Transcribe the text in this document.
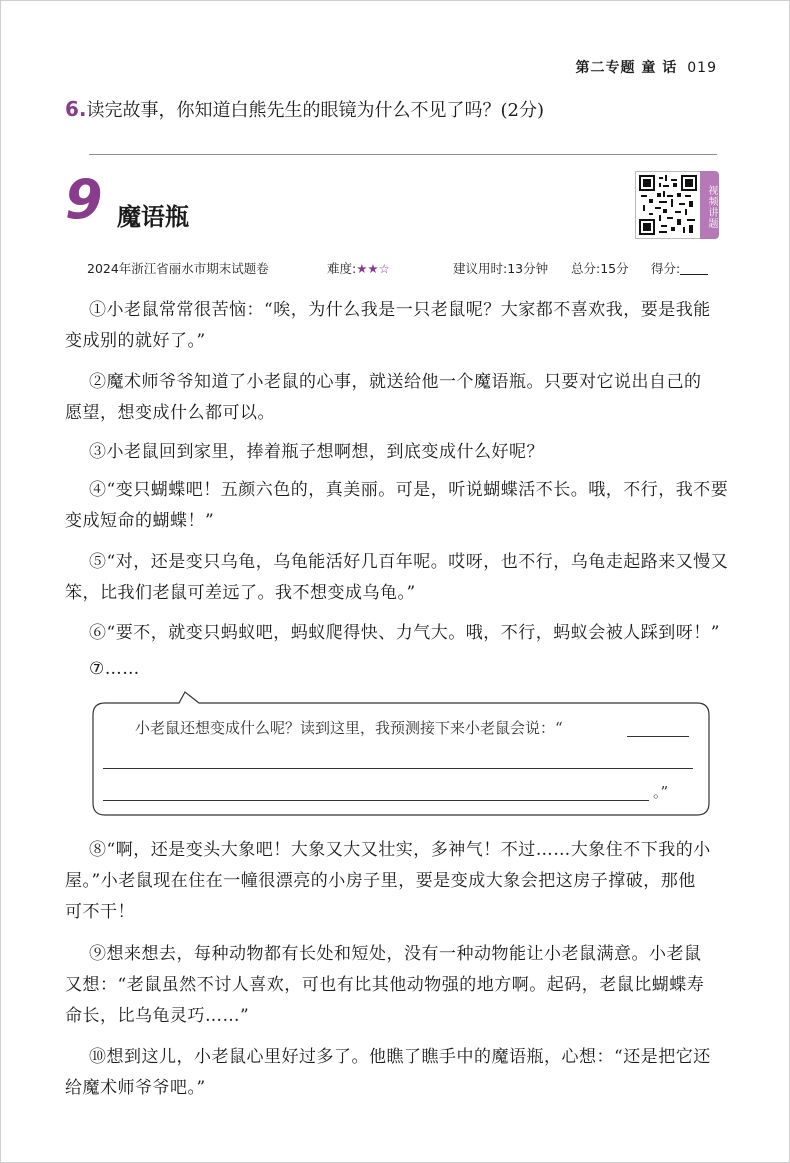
第二专题 童 话 019
6.读完故事，你知道白熊先生的眼镜为什么不见了吗？(2分)
9 魔语瓶	视频讲题
2024年浙江省丽水市期末试题卷	难度:★★☆	建议用时:13分钟 总分:15分 得分:
①小老鼠常常很苦恼：“唉，为什么我是一只老鼠呢？大家都不喜欢我，要是我能
变成别的就好了。”
②魔术师爷爷知道了小老鼠的心事，就送给他一个魔语瓶。只要对它说出自己的
愿望，想变成什么都可以。
③小老鼠回到家里，捧着瓶子想啊想，到底变成什么好呢？
④“变只蝴蝶吧！五颜六色的，真美丽。可是，听说蝴蝶活不长。哦，不行，我不要
变成短命的蝴蝶！”
⑤“对，还是变只乌龟，乌龟能活好几百年呢。哎呀，也不行，乌龟走起路来又慢又
笨，比我们老鼠可差远了。我不想变成乌龟。”
⑥“要不，就变只蚂蚁吧，蚂蚁爬得快、力气大。哦，不行，蚂蚁会被人踩到呀！”
⑦……
小老鼠还想变成什么呢？读到这里，我预测接下来小老鼠会说：“
。”
⑧“啊，还是变头大象吧！大象又大又壮实，多神气！不过……大象住不下我的小
屋。”小老鼠现在住在一幢很漂亮的小房子里，要是变成大象会把这房子撑破，那他
可不干！
⑨想来想去，每种动物都有长处和短处，没有一种动物能让小老鼠满意。小老鼠
又想：“老鼠虽然不讨人喜欢，可也有比其他动物强的地方啊。起码，老鼠比蝴蝶寿
命长，比乌龟灵巧……”
⑩想到这儿，小老鼠心里好过多了。他瞧了瞧手中的魔语瓶，心想：“还是把它还
给魔术师爷爷吧。”
